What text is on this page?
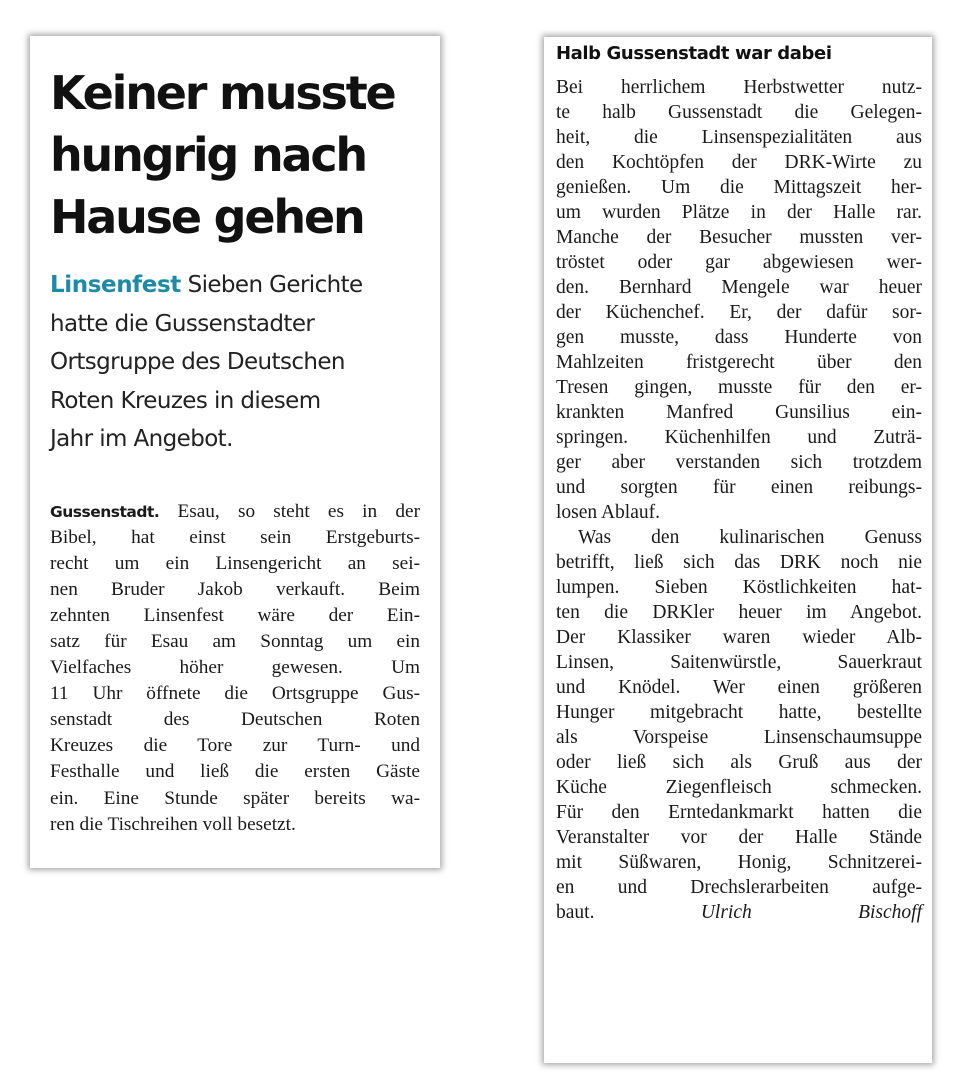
Keiner musste
hungrig nach
Hause gehen
Linsenfest Sieben Gerichte
hatte die Gussenstadter
Ortsgruppe des Deutschen
Roten Kreuzes in diesem
Jahr im Angebot.
Gussenstadt. Esau, so steht es in der
Bibel, hat einst sein Erstgeburts-
recht um ein Linsengericht an sei-
nen Bruder Jakob verkauft. Beim
zehnten Linsenfest wäre der Ein-
satz für Esau am Sonntag um ein
Vielfaches höher gewesen. Um
11 Uhr öffnete die Ortsgruppe Gus-
senstadt des Deutschen Roten
Kreuzes die Tore zur Turn- und
Festhalle und ließ die ersten Gäste
ein. Eine Stunde später bereits wa-
ren die Tischreihen voll besetzt.
Halb Gussenstadt war dabei
Bei herrlichem Herbstwetter nutz-
te halb Gussenstadt die Gelegen-
heit, die Linsenspezialitäten aus
den Kochtöpfen der DRK-Wirte zu
genießen. Um die Mittagszeit her-
um wurden Plätze in der Halle rar.
Manche der Besucher mussten ver-
tröstet oder gar abgewiesen wer-
den. Bernhard Mengele war heuer
der Küchenchef. Er, der dafür sor-
gen musste, dass Hunderte von
Mahlzeiten fristgerecht über den
Tresen gingen, musste für den er-
krankten Manfred Gunsilius ein-
springen. Küchenhilfen und Zuträ-
ger aber verstanden sich trotzdem
und sorgten für einen reibungs-
losen Ablauf.
Was den kulinarischen Genuss
betrifft, ließ sich das DRK noch nie
lumpen. Sieben Köstlichkeiten hat-
ten die DRKler heuer im Angebot.
Der Klassiker waren wieder Alb-
Linsen, Saitenwürstle, Sauerkraut
und Knödel. Wer einen größeren
Hunger mitgebracht hatte, bestellte
als Vorspeise Linsenschaumsuppe
oder ließ sich als Gruß aus der
Küche Ziegenfleisch schmecken.
Für den Erntedankmarkt hatten die
Veranstalter vor der Halle Stände
mit Süßwaren, Honig, Schnitzerei-
en und Drechslerarbeiten aufge-
baut.	Ulrich Bischoff
